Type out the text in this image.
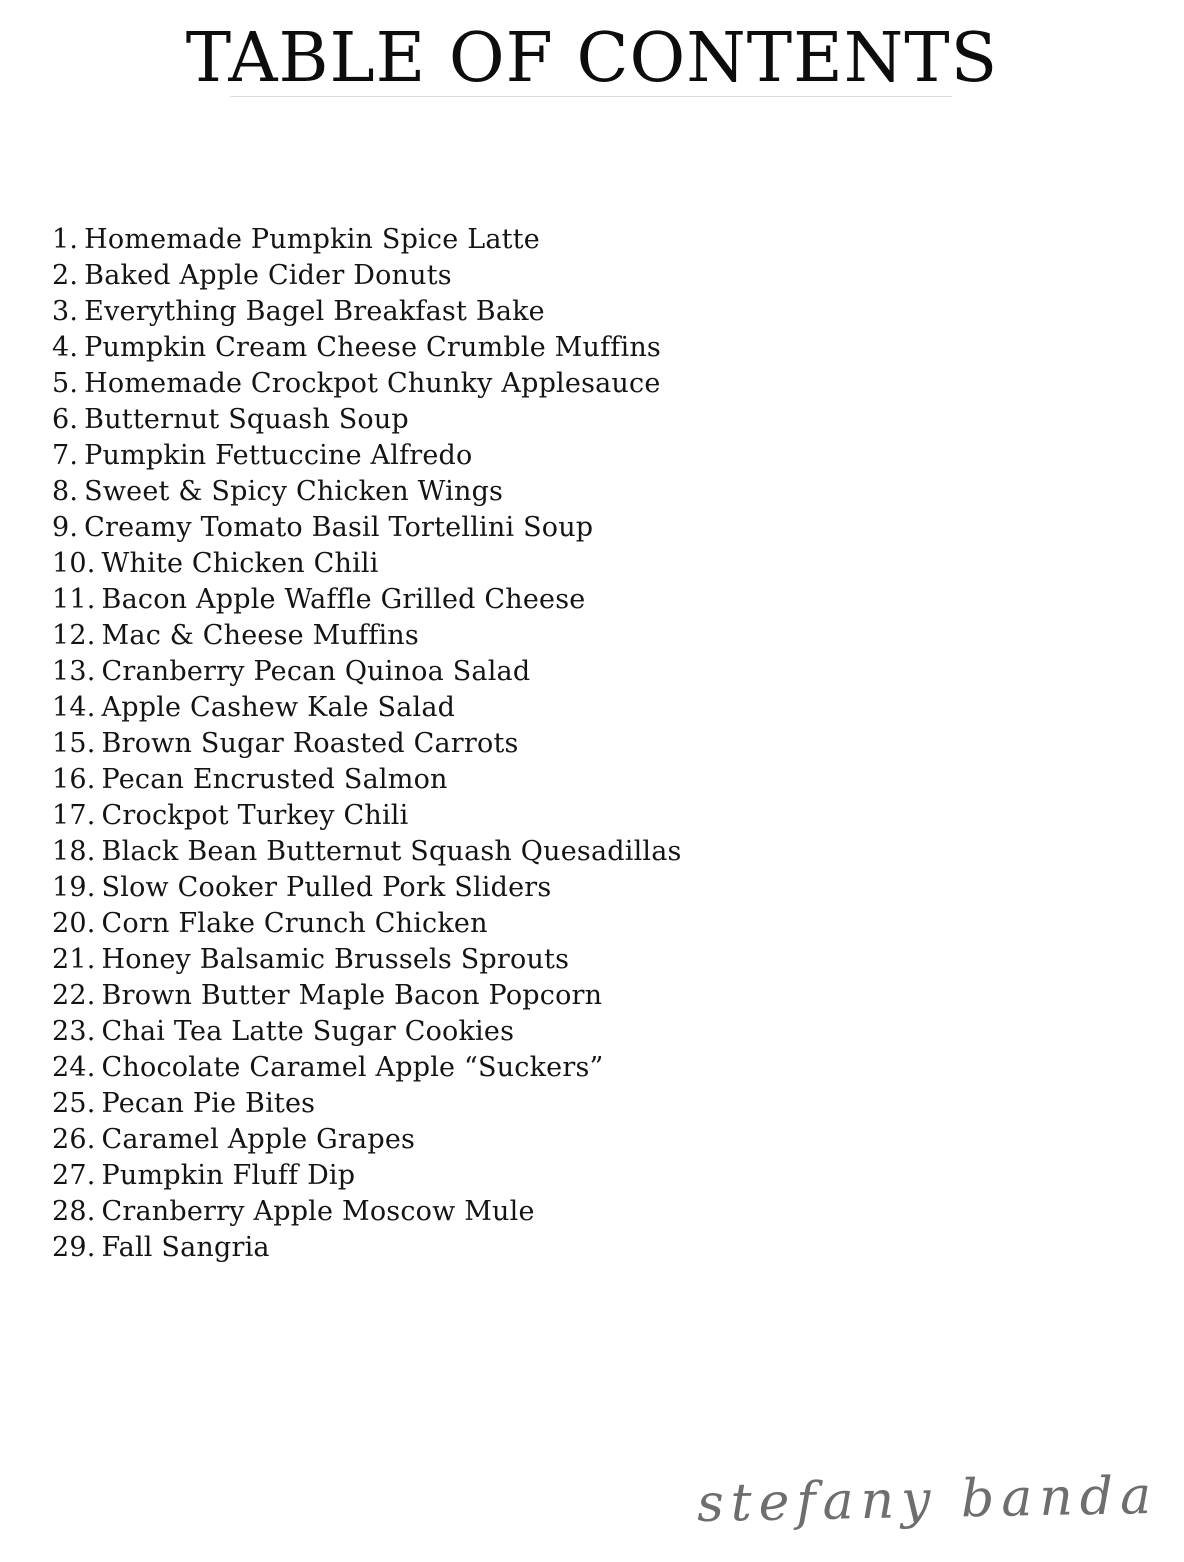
TABLE OF CONTENTS
1. Homemade Pumpkin Spice Latte
2. Baked Apple Cider Donuts
3. Everything Bagel Breakfast Bake
4. Pumpkin Cream Cheese Crumble Muffins
5. Homemade Crockpot Chunky Applesauce
6. Butternut Squash Soup
7. Pumpkin Fettuccine Alfredo
8. Sweet & Spicy Chicken Wings
9. Creamy Tomato Basil Tortellini Soup
10. White Chicken Chili
11. Bacon Apple Waffle Grilled Cheese
12. Mac & Cheese Muffins
13. Cranberry Pecan Quinoa Salad
14. Apple Cashew Kale Salad
15. Brown Sugar Roasted Carrots
16. Pecan Encrusted Salmon
17. Crockpot Turkey Chili
18. Black Bean Butternut Squash Quesadillas
19. Slow Cooker Pulled Pork Sliders
20. Corn Flake Crunch Chicken
21. Honey Balsamic Brussels Sprouts
22. Brown Butter Maple Bacon Popcorn
23. Chai Tea Latte Sugar Cookies
24. Chocolate Caramel Apple “Suckers”
25. Pecan Pie Bites
26. Caramel Apple Grapes
27. Pumpkin Fluff Dip
28. Cranberry Apple Moscow Mule
29. Fall Sangria
stefany banda
